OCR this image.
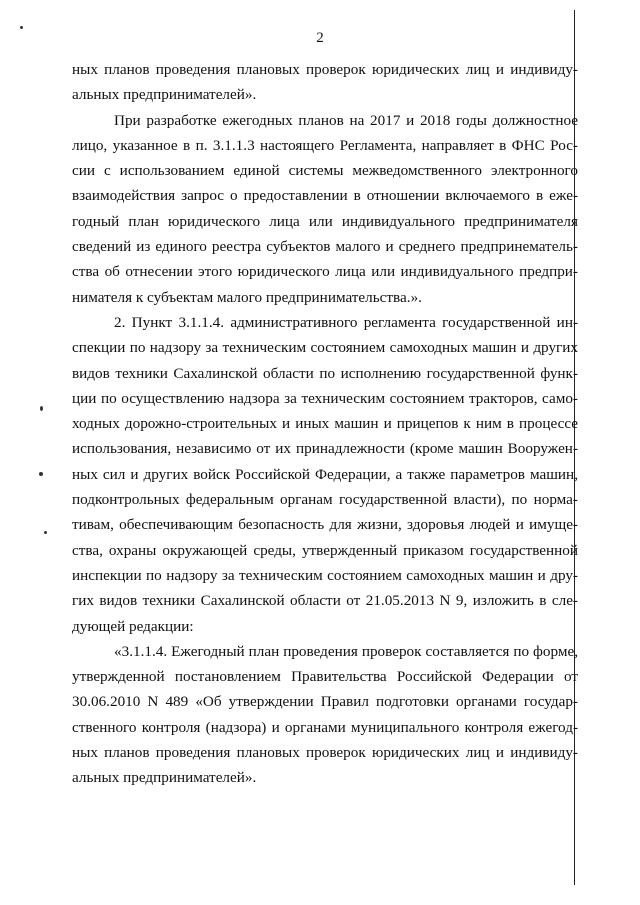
2
ных планов проведения плановых проверок юридических лиц и индивиду-
альных предпринимателей».
При разработке ежегодных планов на 2017 и 2018 годы должностное
лицо, указанное в п. 3.1.1.3 настоящего Регламента, направляет в ФНС Рос-
сии с использованием единой системы межведомственного электронного
взаимодействия запрос о предоставлении в отношении включаемого в еже-
годный план юридического лица или индивидуального предпринимателя
сведений из единого реестра субъектов малого и среднего предпринематель-
ства об отнесении этого юридического лица или индивидуального предпри-
нимателя к субъектам малого предпринимательства.».
2. Пункт 3.1.1.4. административного регламента государственной ин-
спекции по надзору за техническим состоянием самоходных машин и других
видов техники Сахалинской области по исполнению государственной функ-
ции по осуществлению надзора за техническим состоянием тракторов, само-
ходных дорожно-строительных и иных машин и прицепов к ним в процессе
использования, независимо от их принадлежности (кроме машин Вооружен-
ных сил и других войск Российской Федерации, а также параметров машин,
подконтрольных федеральным органам государственной власти), по норма-
тивам, обеспечивающим безопасность для жизни, здоровья людей и имуще-
ства, охраны окружающей среды, утвержденный приказом государственной
инспекции по надзору за техническим состоянием самоходных машин и дру-
гих видов техники Сахалинской области от 21.05.2013 N 9, изложить в сле-
дующей редакции:
«3.1.1.4. Ежегодный план проведения проверок составляется по форме,
утвержденной постановлением Правительства Российской Федерации от
30.06.2010 N 489 «Об утверждении Правил подготовки органами государ-
ственного контроля (надзора) и органами муниципального контроля ежегод-
ных планов проведения плановых проверок юридических лиц и индивиду-
альных предпринимателей».
